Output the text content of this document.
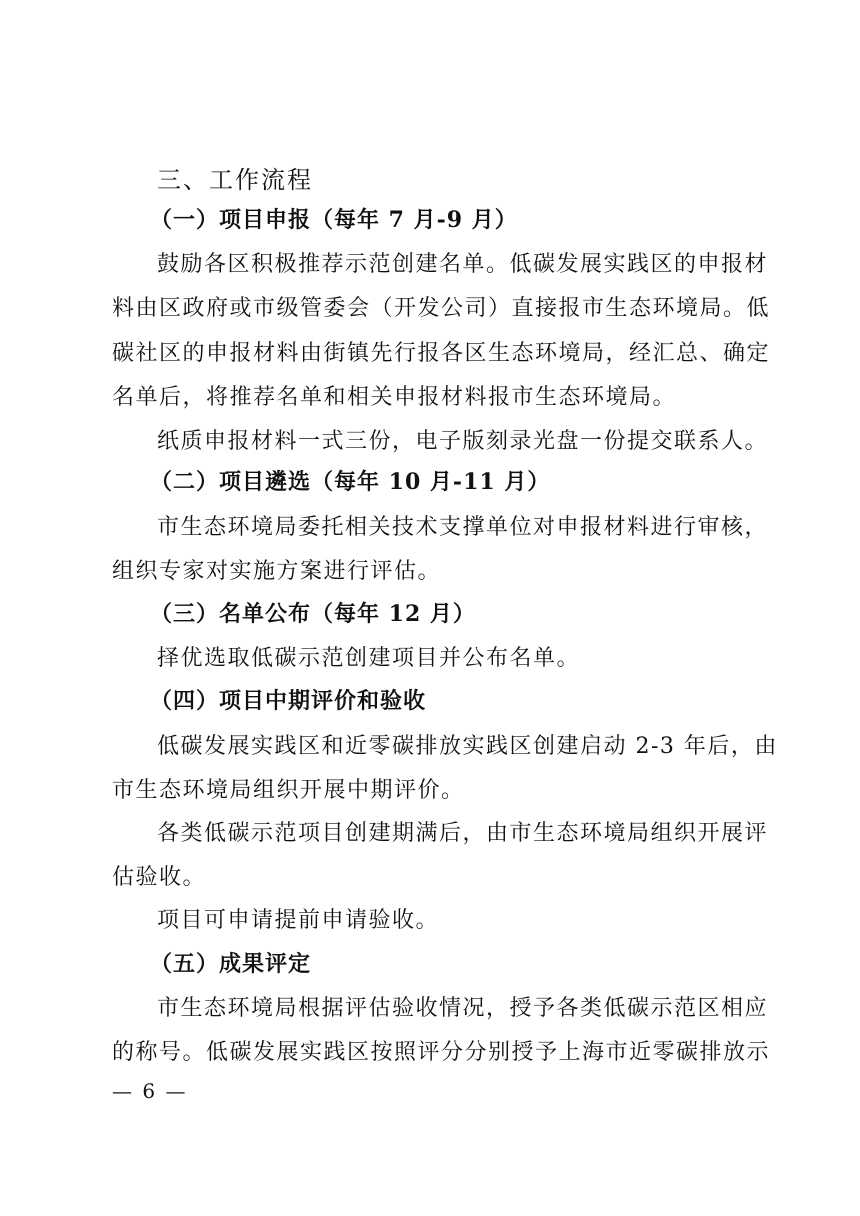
三、工作流程
（一）项目申报（每年 7 月-9 月）
鼓励各区积极推荐示范创建名单。低碳发展实践区的申报材
料由区政府或市级管委会（开发公司）直接报市生态环境局。低
碳社区的申报材料由街镇先行报各区生态环境局，经汇总、确定
名单后，将推荐名单和相关申报材料报市生态环境局。
纸质申报材料一式三份，电子版刻录光盘一份提交联系人。
（二）项目遴选（每年 10 月-11 月）
市生态环境局委托相关技术支撑单位对申报材料进行审核，
组织专家对实施方案进行评估。
（三）名单公布（每年 12 月）
择优选取低碳示范创建项目并公布名单。
（四）项目中期评价和验收
低碳发展实践区和近零碳排放实践区创建启动 2-3 年后，由
市生态环境局组织开展中期评价。
各类低碳示范项目创建期满后，由市生态环境局组织开展评
估验收。
项目可申请提前申请验收。
（五）成果评定
市生态环境局根据评估验收情况，授予各类低碳示范区相应
的称号。低碳发展实践区按照评分分别授予上海市近零碳排放示
— 6 —
